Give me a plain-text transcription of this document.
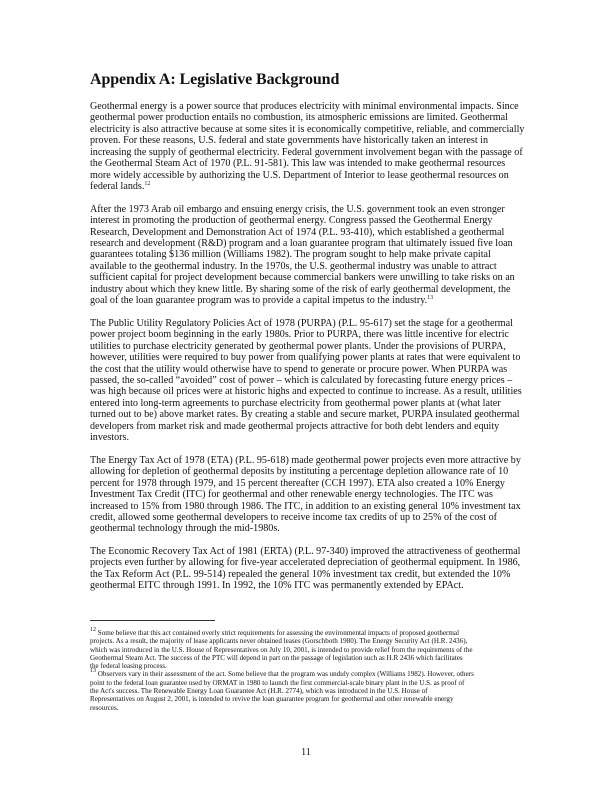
Appendix A: Legislative Background

Geothermal energy is a power source that produces electricity with minimal environmental impacts. Since
geothermal power production entails no combustion, its atmospheric emissions are limited. Geothermal
electricity is also attractive because at some sites it is economically competitive, reliable, and commercially
proven. For these reasons, U.S. federal and state governments have historically taken an interest in
increasing the supply of geothermal electricity. Federal government involvement began with the passage of
the Geothermal Steam Act of 1970 (P.L. 91-581). This law was intended to make geothermal resources
more widely accessible by authorizing the U.S. Department of Interior to lease geothermal resources on
federal lands.$^{12}$

After the 1973 Arab oil embargo and ensuing energy crisis, the U.S. government took an even stronger
interest in promoting the production of geothermal energy. Congress passed the Geothermal Energy
Research, Development and Demonstration Act of 1974 (P.L. 93-410), which established a geothermal
research and development (R&D) program and a loan guarantee program that ultimately issued five loan
guarantees totaling $136 million (Williams 1982). The program sought to help make private capital
available to the geothermal industry. In the 1970s, the U.S. geothermal industry was unable to attract
sufficient capital for project development because commercial bankers were unwilling to take risks on an
industry about which they knew little. By sharing some of the risk of early geothermal development, the
goal of the loan guarantee program was to provide a capital impetus to the industry.$^{13}$

The Public Utility Regulatory Policies Act of 1978 (PURPA) (P.L. 95-617) set the stage for a geothermal
power project boom beginning in the early 1980s. Prior to PURPA, there was little incentive for electric
utilities to purchase electricity generated by geothermal power plants. Under the provisions of PURPA,
however, utilities were required to buy power from qualifying power plants at rates that were equivalent to
the cost that the utility would otherwise have to spend to generate or procure power. When PURPA was
passed, the so-called “avoided” cost of power – which is calculated by forecasting future energy prices –
was high because oil prices were at historic highs and expected to continue to increase. As a result, utilities
entered into long-term agreements to purchase electricity from geothermal power plants at (what later
turned out to be) above market rates. By creating a stable and secure market, PURPA insulated geothermal
developers from market risk and made geothermal projects attractive for both debt lenders and equity
investors.

The Energy Tax Act of 1978 (ETA) (P.L. 95-618) made geothermal power projects even more attractive by
allowing for depletion of geothermal deposits by instituting a percentage depletion allowance rate of 10
percent for 1978 through 1979, and 15 percent thereafter (CCH 1997). ETA also created a 10% Energy
Investment Tax Credit (ITC) for geothermal and other renewable energy technologies. The ITC was
increased to 15% from 1980 through 1986. The ITC, in addition to an existing general 10% investment tax
credit, allowed some geothermal developers to receive income tax credits of up to 25% of the cost of
geothermal technology through the mid-1980s.

The Economic Recovery Tax Act of 1981 (ERTA) (P.L. 97-340) improved the attractiveness of geothermal
projects even further by allowing for five-year accelerated depreciation of geothermal equipment. In 1986,
the Tax Reform Act (P.L. 99-514) repealed the general 10% investment tax credit, but extended the 10%
geothermal EITC through 1991. In 1992, the 10% ITC was permanently extended by EPAct.

$^{12}$ Some believe that this act contained overly strict requirements for assessing the environmental impacts of proposed geothermal
projects. As a result, the majority of lease applicants never obtained leases (Gorschboth 1980). The Energy Security Act (H.R. 2436),
which was introduced in the U.S. House of Representatives on July 10, 2001, is intended to provide relief from the requirements of the
Geothermal Steam Act. The success of the PTC will depend in part on the passage of legislation such as H.R 2436 which facilitates
the federal leasing process.

$^{13}$ Observers vary in their assessment of the act. Some believe that the program was unduly complex (Williams 1982). However, others
point to the federal loan guarantee used by ORMAT in 1980 to launch the first commercial-scale binary plant in the U.S. as proof of
the Act's success. The Renewable Energy Loan Guarantee Act (H.R. 2774), which was introduced in the U.S. House of
Representatives on August 2, 2001, is intended to revive the loan guarantee program for geothermal and other renewable energy
resources.

11
